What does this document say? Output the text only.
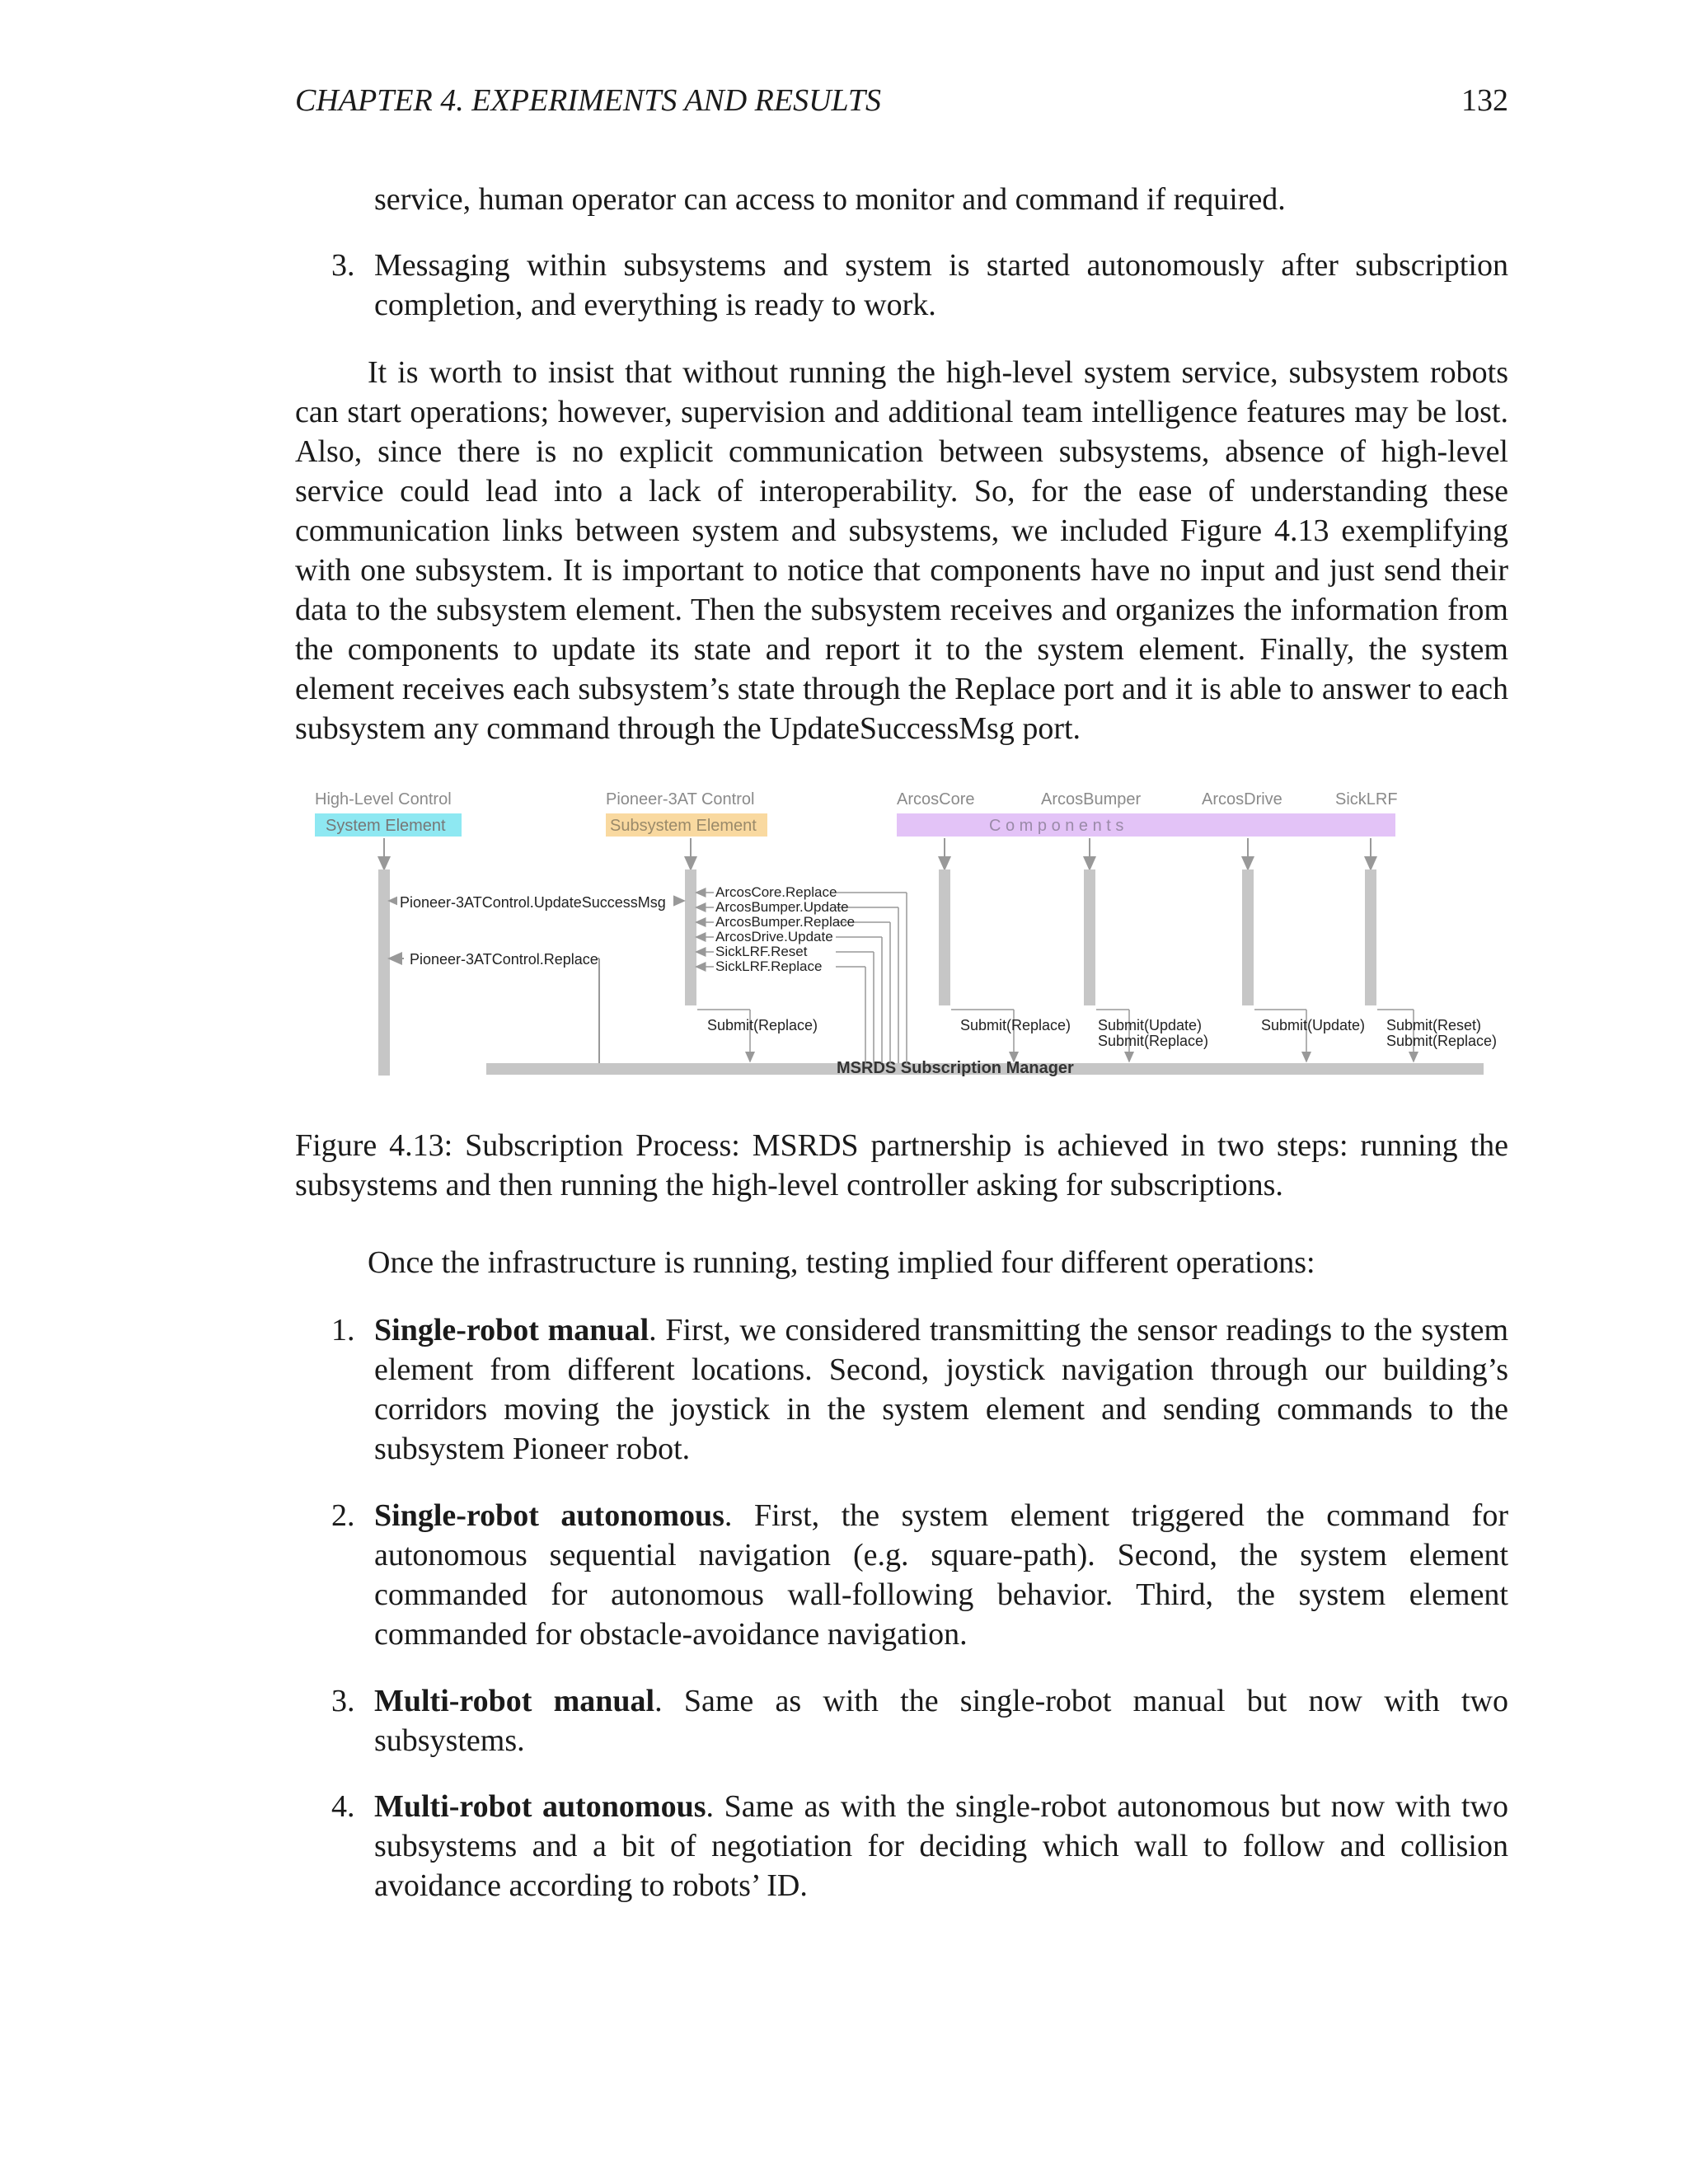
CHAPTER 4. EXPERIMENTS AND RESULTS	132
service, human operator can access to monitor and command if required.
3. Messaging within subsystems and system is started autonomously after subscription completion, and everything is ready to work.
It is worth to insist that without running the high-level system service, subsystem robots can start operations; however, supervision and additional team intelligence features may be lost. Also, since there is no explicit communication between subsystems, absence of high-level service could lead into a lack of interoperability. So, for the ease of understanding these communication links between system and subsystems, we included Figure 4.13 exemplifying with one subsystem. It is important to notice that components have no input and just send their data to the subsystem element. Then the subsystem receives and organizes the information from the components to update its state and report it to the system element. Finally, the system element receives each subsystem’s state through the Replace port and it is able to answer to each subsystem any command through the UpdateSuccessMsg port.
High-Level Control
System Element
Pioneer-3AT Control
Subsystem Element
ArcosCore	ArcosBumper	ArcosDrive	SickLRF
C o m p o n e n t s
MSRDS Subscription Manager
Pioneer-3ATControl.UpdateSuccessMsg
Pioneer-3ATControl.Replace
ArcosCore.Replace
ArcosBumper.Update
ArcosBumper.Replace
ArcosDrive.Update
SickLRF.Reset
SickLRF.Replace
Submit(Replace)	Submit(Replace) Submit(Update)
Submit(Replace)
Submit(Update) Submit(Reset)
Submit(Replace)
Figure 4.13: Subscription Process: MSRDS partnership is achieved in two steps: running the subsystems and then running the high-level controller asking for subscriptions.
Once the infrastructure is running, testing implied four different operations:
1. Single-robot manual. First, we considered transmitting the sensor readings to the system element from different locations. Second, joystick navigation through our building’s corridors moving the joystick in the system element and sending commands to the subsystem Pioneer robot.
2. Single-robot autonomous. First, the system element triggered the command for autonomous sequential navigation (e.g. square-path). Second, the system element commanded for autonomous wall-following behavior. Third, the system element commanded for obstacle-avoidance navigation.
3. Multi-robot manual. Same as with the single-robot manual but now with two subsystems.
4. Multi-robot autonomous. Same as with the single-robot autonomous but now with two subsystems and a bit of negotiation for deciding which wall to follow and collision avoidance according to robots’ ID.
